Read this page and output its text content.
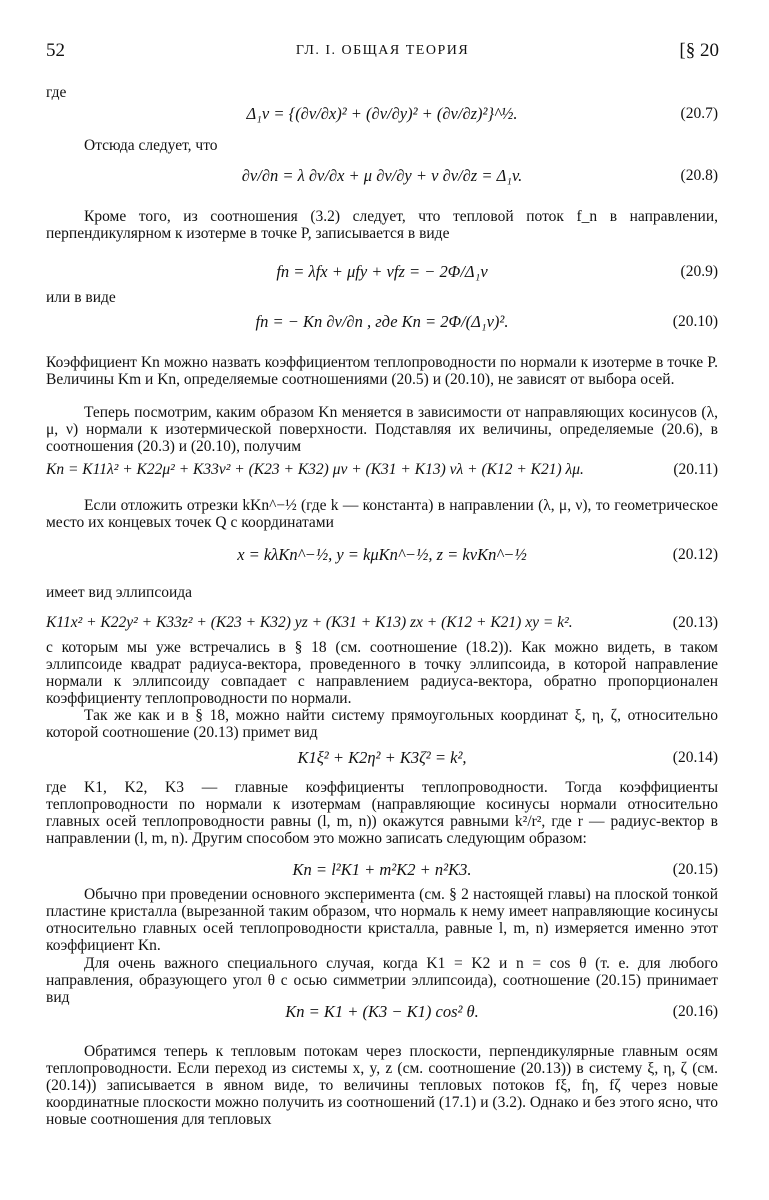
52	ГЛ. I. ОБЩАЯ ТЕОРИЯ	[§ 20
где
Δ₁v = {(∂v/∂x)² + (∂v/∂y)² + (∂v/∂z)²}^½.	(20.7)
Отсюда следует, что
∂v/∂n = λ ∂v/∂x + μ ∂v/∂y + ν ∂v/∂z = Δ₁v.	(20.8)
Кроме того, из соотношения (3.2) следует, что тепловой поток f_n в направлении, перпендикулярном к изотерме в точке P, записывается в виде
fn = λfx + μfy + νfz = − 2Φ/Δ₁v	(20.9)
или в виде
fn = − Kn ∂v/∂n , где Kn = 2Φ/(Δ₁v)².	(20.10)
Коэффициент Kn можно назвать коэффициентом теплопроводности по нормали к изотерме в точке P. Величины Km и Kn, определяемые соотношениями (20.5) и (20.10), не зависят от выбора осей.
Теперь посмотрим, каким образом Kn меняется в зависимости от направляющих косинусов (λ, μ, ν) нормали к изотермической поверхности. Подставляя их величины, определяемые (20.6), в соотношения (20.3) и (20.10), получим
Kn = K11λ² + K22μ² + K33ν² + (K23 + K32) μν + (K31 + K13) νλ + (K12 + K21) λμ.	(20.11)
Если отложить отрезки kKn^−½ (где k — константа) в направлении (λ, μ, ν), то геометрическое место их концевых точек Q с координатами
x = kλKn^−½, y = kμKn^−½, z = kνKn^−½	(20.12)
имеет вид эллипсоида
K11x² + K22y² + K33z² + (K23 + K32) yz + (K31 + K13) zx + (K12 + K21) xy = k².	(20.13)
с которым мы уже встречались в § 18 (см. соотношение (18.2)). Как можно видеть, в таком эллипсоиде квадрат радиуса-вектора, проведенного в точку эллипсоида, в которой направление нормали к эллипсоиду совпадает с направлением радиуса-вектора, обратно пропорционален коэффициенту теплопроводности по нормали.
Так же как и в § 18, можно найти систему прямоугольных координат ξ, η, ζ, относительно которой соотношение (20.13) примет вид
K1ξ² + K2η² + K3ζ² = k²,	(20.14)
где K1, K2, K3 — главные коэффициенты теплопроводности. Тогда коэффициенты теплопроводности по нормали к изотермам (направляющие косинусы нормали относительно главных осей теплопроводности равны (l, m, n)) окажутся равными k²/r², где r — радиус-вектор в направлении (l, m, n). Другим способом это можно записать следующим образом:
Kn = l²K1 + m²K2 + n²K3.	(20.15)
Обычно при проведении основного эксперимента (см. § 2 настоящей главы) на плоской тонкой пластине кристалла (вырезанной таким образом, что нормаль к нему имеет направляющие косинусы относительно главных осей теплопроводности кристалла, равные l, m, n) измеряется именно этот коэффициент Kn.
Для очень важного специального случая, когда K1 = K2 и n = cos θ (т. е. для любого направления, образующего угол θ с осью симметрии эллипсоида), соотношение (20.15) принимает вид
Kn = K1 + (K3 − K1) cos² θ.	(20.16)
Обратимся теперь к тепловым потокам через плоскости, перпендикулярные главным осям теплопроводности. Если переход из системы x, y, z (см. соотношение (20.13)) в систему ξ, η, ζ (см. (20.14)) записывается в явном виде, то величины тепловых потоков fξ, fη, fζ через новые координатные плоскости можно получить из соотношений (17.1) и (3.2). Однако и без этого ясно, что новые соотношения для тепловых
